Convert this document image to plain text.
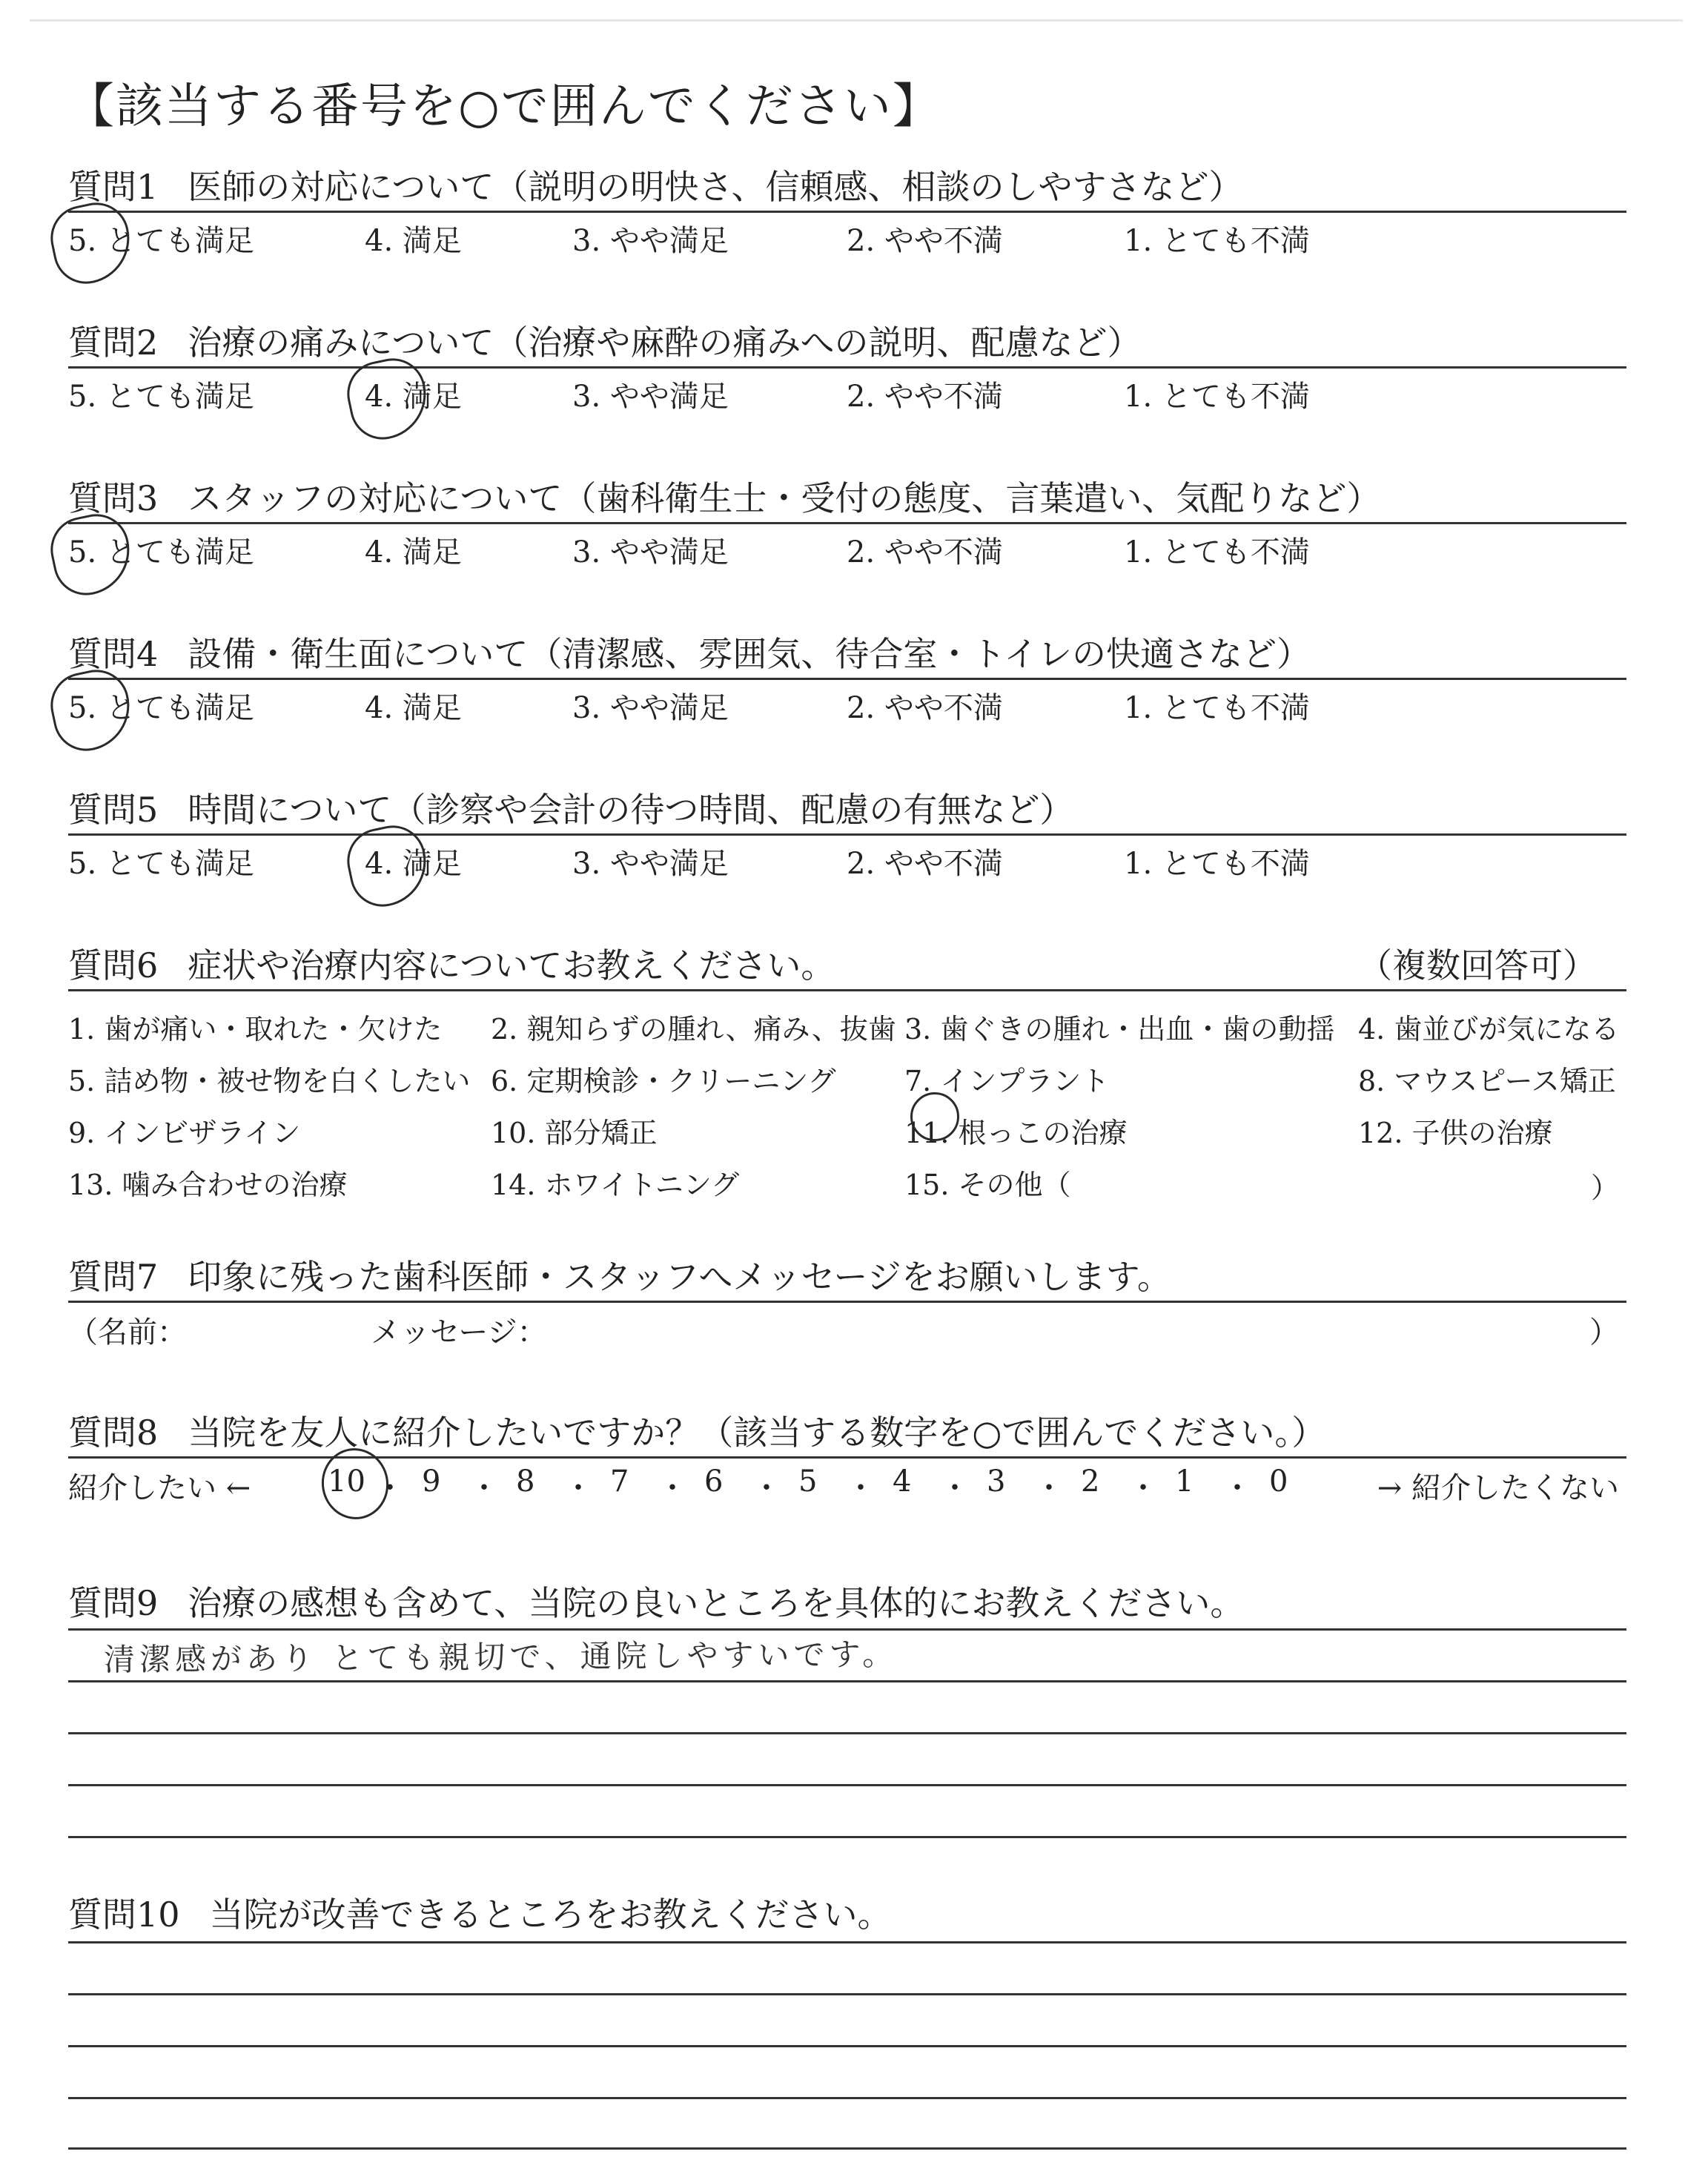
【該当する番号を○で囲んでください】
質問1 医師の対応について（説明の明快さ、信頼感、相談のしやすさなど）
5. とても満足	4. 満足	3. やや満足	2. やや不満	1. とても不満
質問2 治療の痛みについて（治療や麻酔の痛みへの説明、配慮など）
5. とても満足	4. 満足	3. やや満足	2. やや不満	1. とても不満
質問3 スタッフの対応について（歯科衛生士・受付の態度、言葉遣い、気配りなど）
5. とても満足	4. 満足	3. やや満足	2. やや不満	1. とても不満
質問4 設備・衛生面について（清潔感、雰囲気、待合室・トイレの快適さなど）
5. とても満足	4. 満足	3. やや満足	2. やや不満	1. とても不満
質問5 時間について（診察や会計の待つ時間、配慮の有無など）
5. とても満足	4. 満足	3. やや満足	2. やや不満	1. とても不満
質問6 症状や治療内容についてお教えください。	（複数回答可）
）
1. 歯が痛い・取れた・欠けた 2. 親知らずの腫れ、痛み、抜歯 3. 歯ぐきの腫れ・出血・歯の動揺 4. 歯並びが気になる
5. 詰め物・被せ物を白くしたい 6. 定期検診・クリーニング 7. インプラント	8. マウスピース矯正
9. インビザライン	10. 部分矯正	11. 根っこの治療	12. 子供の治療
13. 噛み合わせの治療	14. ホワイトニング	15. その他（
質問7 印象に残った歯科医師・スタッフへメッセージをお願いします。
（名前：	メッセージ：	）
質問8 当院を友人に紹介したいですか？（該当する数字を○で囲んでください。）
紹介したい ←	→ 紹介したくない
10 ・ 9 ・ 8 ・ 7 ・ 6 ・ 5 ・ 4 ・ 3 ・ 2 ・ 1 ・ 0
質問9 治療の感想も含めて、当院の良いところを具体的にお教えください。
清潔感があり とても親切で、通院しやすいです。
質問10 当院が改善できるところをお教えください。
